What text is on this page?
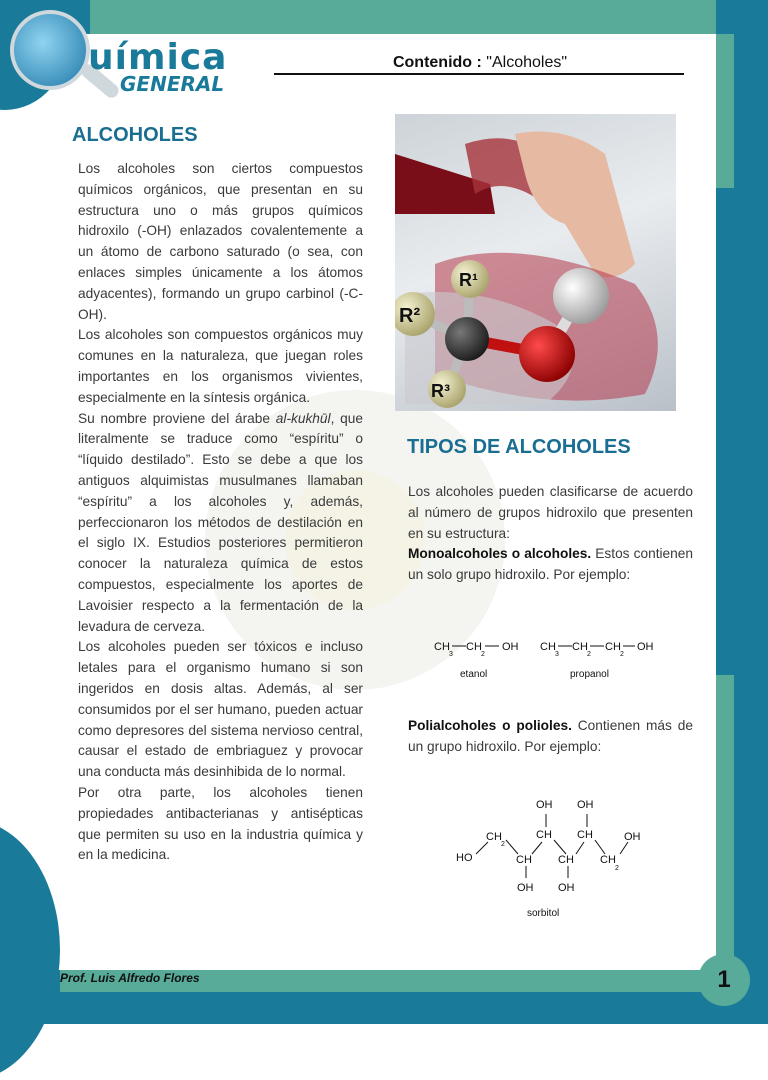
uímica
GENERAL
Contenido : "Alcoholes"
ALCOHOLES

Los alcoholes son ciertos compuestos químicos orgánicos, que presentan en su estructura uno o más grupos químicos hidroxilo (-OH) enlazados covalentemente a un átomo de carbono saturado (o sea, con enlaces simples únicamente a los átomos adyacentes), formando un grupo carbinol (-C-OH).

Los alcoholes son compuestos orgánicos muy comunes en la naturaleza, que juegan roles importantes en los organismos vivientes, especialmente en la síntesis orgánica.

Su nombre proviene del árabe al-kukhūl, que literalmente se traduce como “espíritu” o “líquido destilado”. Esto se debe a que los antiguos alquimistas musulmanes llamaban “espíritu” a los alcoholes y, además, perfeccionaron los métodos de destilación en el siglo IX. Estudios posteriores permitieron conocer la naturaleza química de estos compuestos, especialmente los aportes de Lavoisier respecto a la fermentación de la levadura de cerveza.

Los alcoholes pueden ser tóxicos e incluso letales para el organismo humano si son ingeridos en dosis altas. Además, al ser consumidos por el ser humano, pueden actuar como depresores del sistema nervioso central, causar el estado de embriaguez y provocar una conducta más desinhibida de lo normal.

Por otra parte, los alcoholes tienen propiedades antibacterianas y antisépticas que permiten su uso en la industria química y en la medicina.

R²
R¹
R³
TIPOS DE ALCOHOLES

Los alcoholes pueden clasificarse de acuerdo al número de grupos hidroxilo que presenten en su estructura:

Monoalcoholes o alcoholes. Estos contienen un solo grupo hidroxilo. Por ejemplo:

Polialcoholes o polioles. Contienen más de un grupo hidroxilo. Por ejemplo:

CH
3
CH
2
OH
etanol
CH
3
CH
2
CH
2
OH
propanol
HO
CH
2
CH
OH
CH
OH
CH
OH
CH
OH
CH
2
OH
sorbitol
Prof. Luis Alfredo Flores	1
